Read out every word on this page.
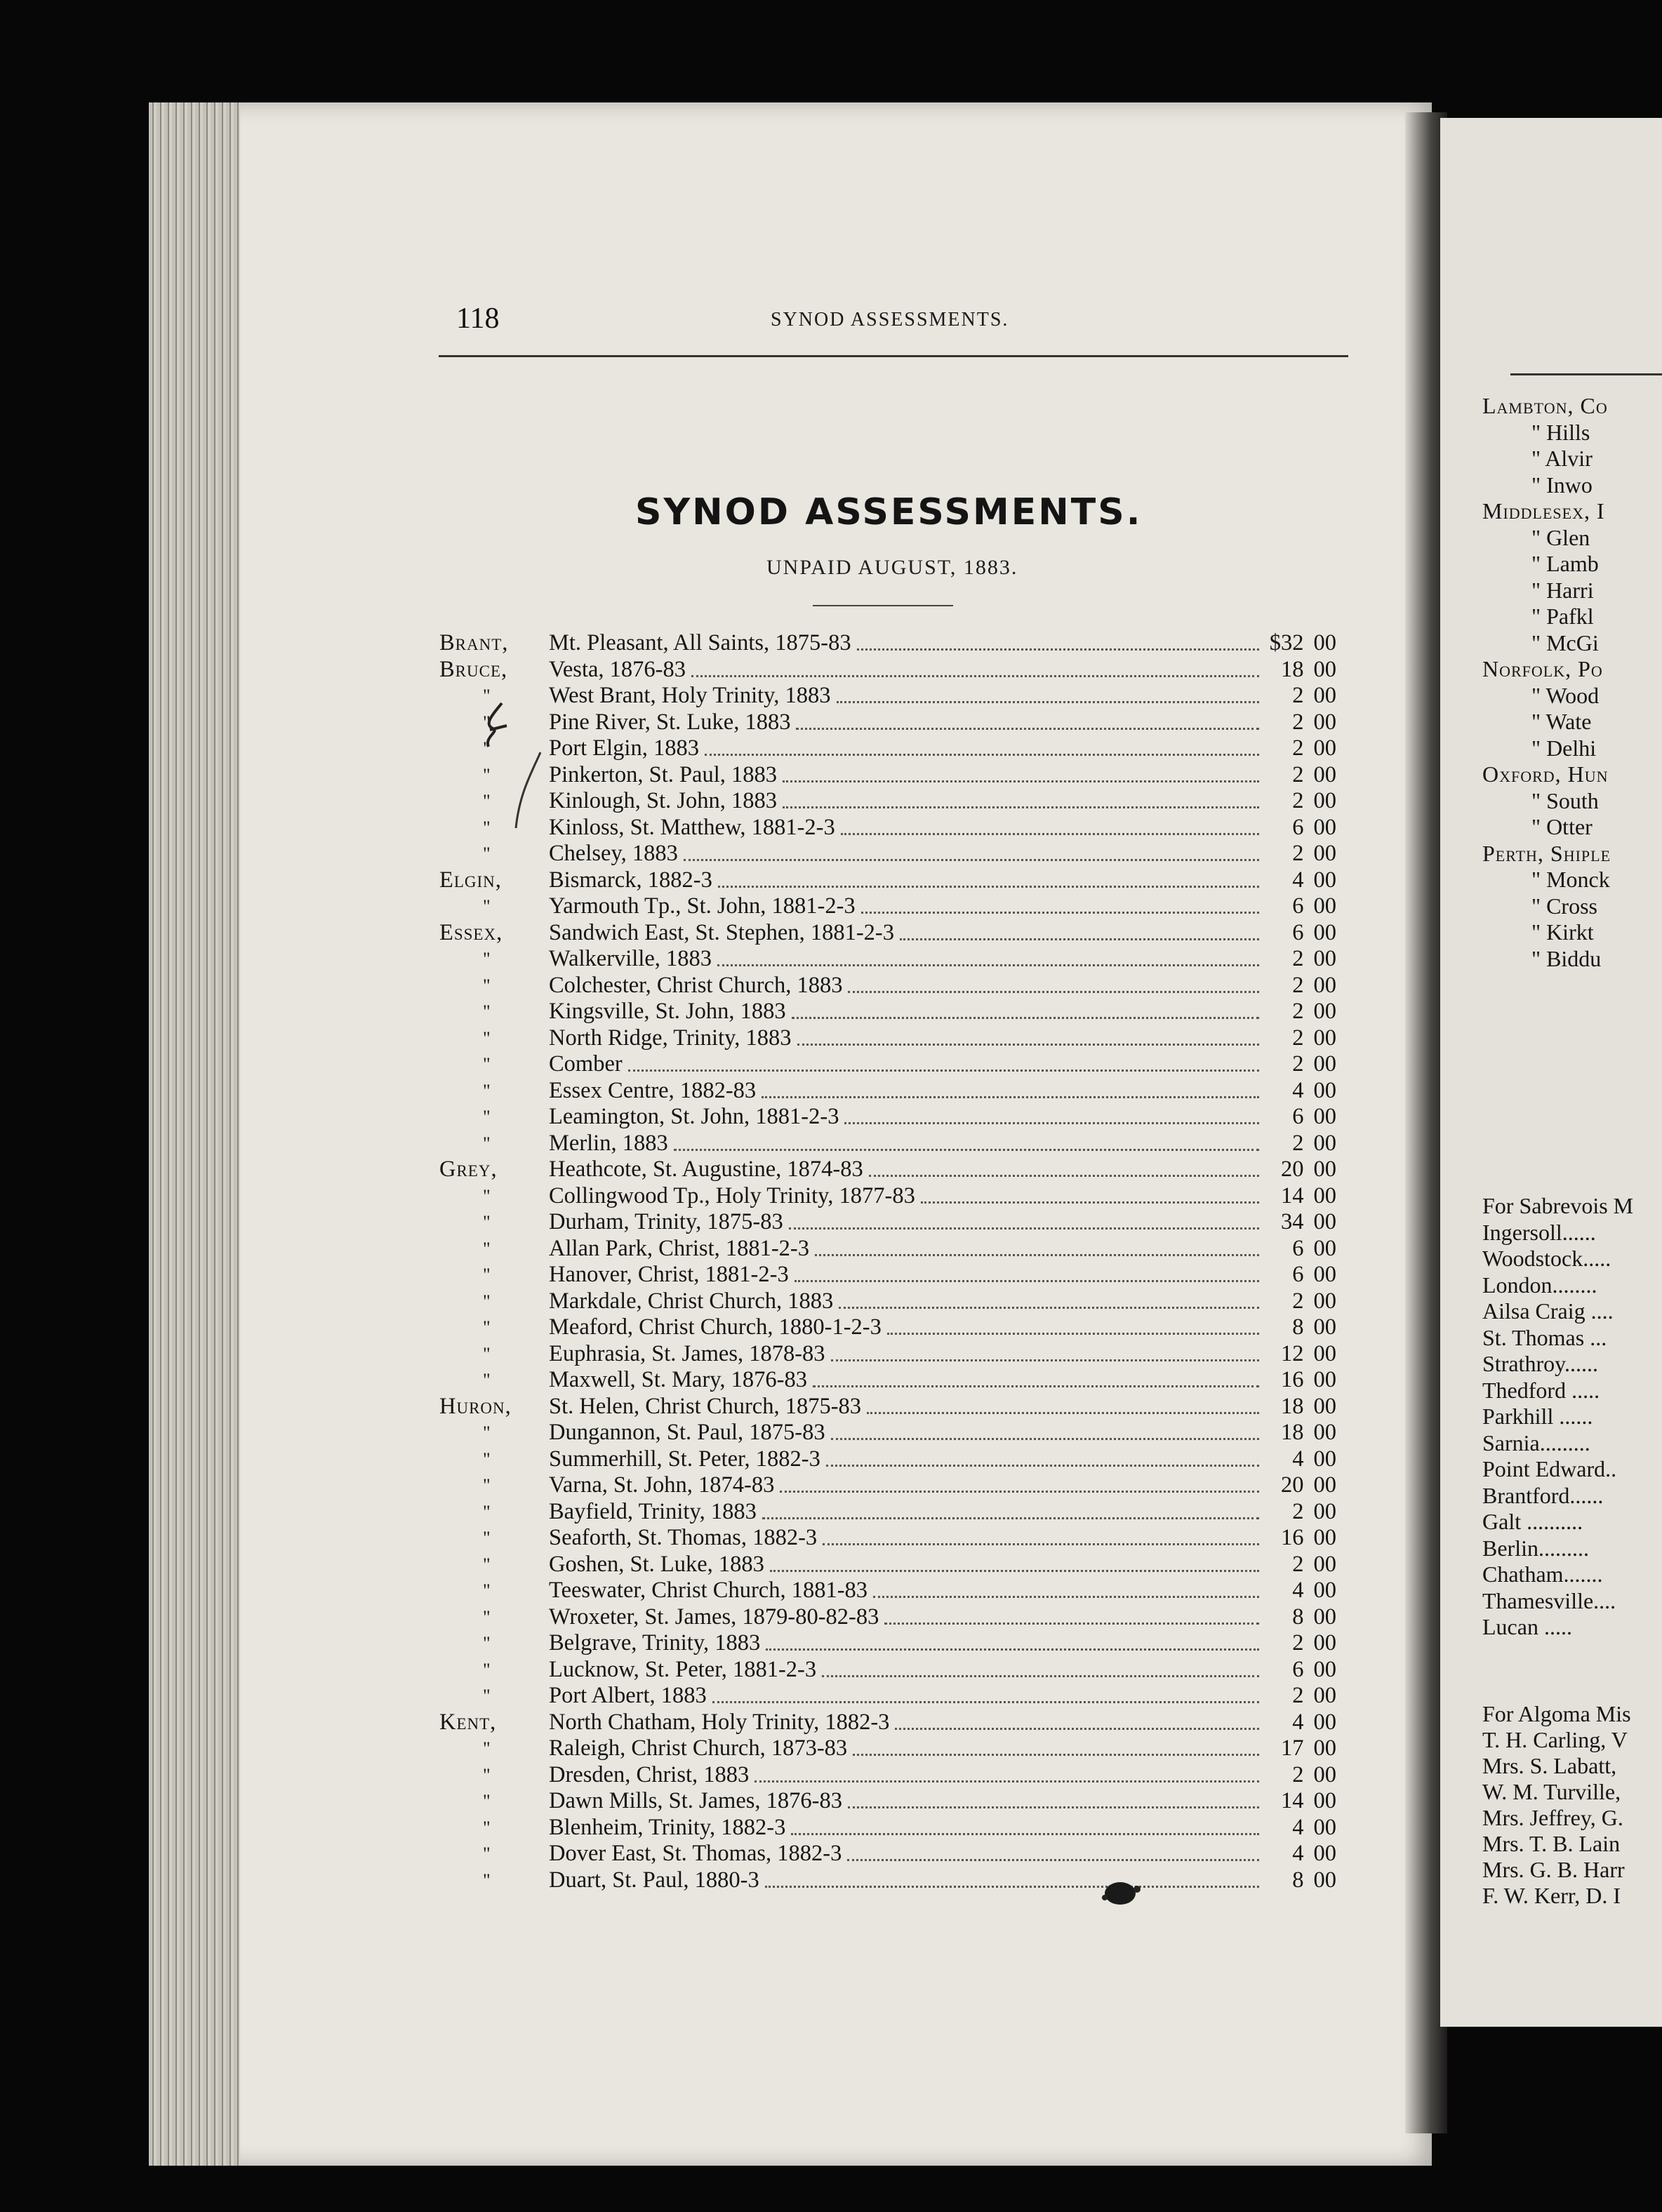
118	SYNOD ASSESSMENTS.
SYNOD ASSESSMENTS.
UNPAID AUGUST, 1883.
Brant, Mt. Pleasant, All Saints, 1875-83	$32 00
Bruce, Vesta, 1876-83	18 00
"	West Brant, Holy Trinity, 1883	2 00
"	Pine River, St. Luke, 1883	2 00
"	Port Elgin, 1883	2 00
"	Pinkerton, St. Paul, 1883	2 00
"	Kinlough, St. John, 1883	2 00
"	Kinloss, St. Matthew, 1881-2-3	6 00
"	Chelsey, 1883	2 00
Elgin, Bismarck, 1882-3	4 00
"	Yarmouth Tp., St. John, 1881-2-3	6 00
Essex, Sandwich East, St. Stephen, 1881-2-3	6 00
"	Walkerville, 1883	2 00
"	Colchester, Christ Church, 1883	2 00
"	Kingsville, St. John, 1883	2 00
"	North Ridge, Trinity, 1883	2 00
"	Comber	2 00
"	Essex Centre, 1882-83	4 00
"	Leamington, St. John, 1881-2-3	6 00
"	Merlin, 1883	2 00
Grey, Heathcote, St. Augustine, 1874-83	20 00
"	Collingwood Tp., Holy Trinity, 1877-83	14 00
"	Durham, Trinity, 1875-83	34 00
"	Allan Park, Christ, 1881-2-3	6 00
"	Hanover, Christ, 1881-2-3	6 00
"	Markdale, Christ Church, 1883	2 00
"	Meaford, Christ Church, 1880-1-2-3	8 00
"	Euphrasia, St. James, 1878-83	12 00
"	Maxwell, St. Mary, 1876-83	16 00
Huron, St. Helen, Christ Church, 1875-83	18 00
"	Dungannon, St. Paul, 1875-83	18 00
"	Summerhill, St. Peter, 1882-3	4 00
"	Varna, St. John, 1874-83	20 00
"	Bayfield, Trinity, 1883	2 00
"	Seaforth, St. Thomas, 1882-3	16 00
"	Goshen, St. Luke, 1883	2 00
"	Teeswater, Christ Church, 1881-83	4 00
"	Wroxeter, St. James, 1879-80-82-83	8 00
"	Belgrave, Trinity, 1883	2 00
"	Lucknow, St. Peter, 1881-2-3	6 00
"	Port Albert, 1883	2 00
Kent, North Chatham, Holy Trinity, 1882-3	4 00
"	Raleigh, Christ Church, 1873-83	17 00
"	Dresden, Christ, 1883	2 00
"	Dawn Mills, St. James, 1876-83	14 00
"	Blenheim, Trinity, 1882-3	4 00
"	Dover East, St. Thomas, 1882-3	4 00
"	Duart, St. Paul, 1880-3	8 00
Lambton, Co
" Hills
" Alvir
" Inwo
Middlesex, I
" Glen
" Lamb
" Harri
" Pafkl
" McGi
Norfolk, Po
" Wood
" Wate
" Delhi
Oxford, Hun
" South
" Otter
Perth, Shiple
" Monck
" Cross
" Kirkt
" Biddu
For Sabrevois M
Ingersoll......
Woodstock.....
London........
Ailsa Craig ....
St. Thomas ...
Strathroy......
Thedford .....
Parkhill ......
Sarnia.........
Point Edward..
Brantford......
Galt ..........
Berlin.........
Chatham.......
Thamesville....
Lucan .....
For Algoma Mis
T. H. Carling, V
Mrs. S. Labatt,
W. M. Turville,
Mrs. Jeffrey, G.
Mrs. T. B. Lain
Mrs. G. B. Harr
F. W. Kerr, D. I
